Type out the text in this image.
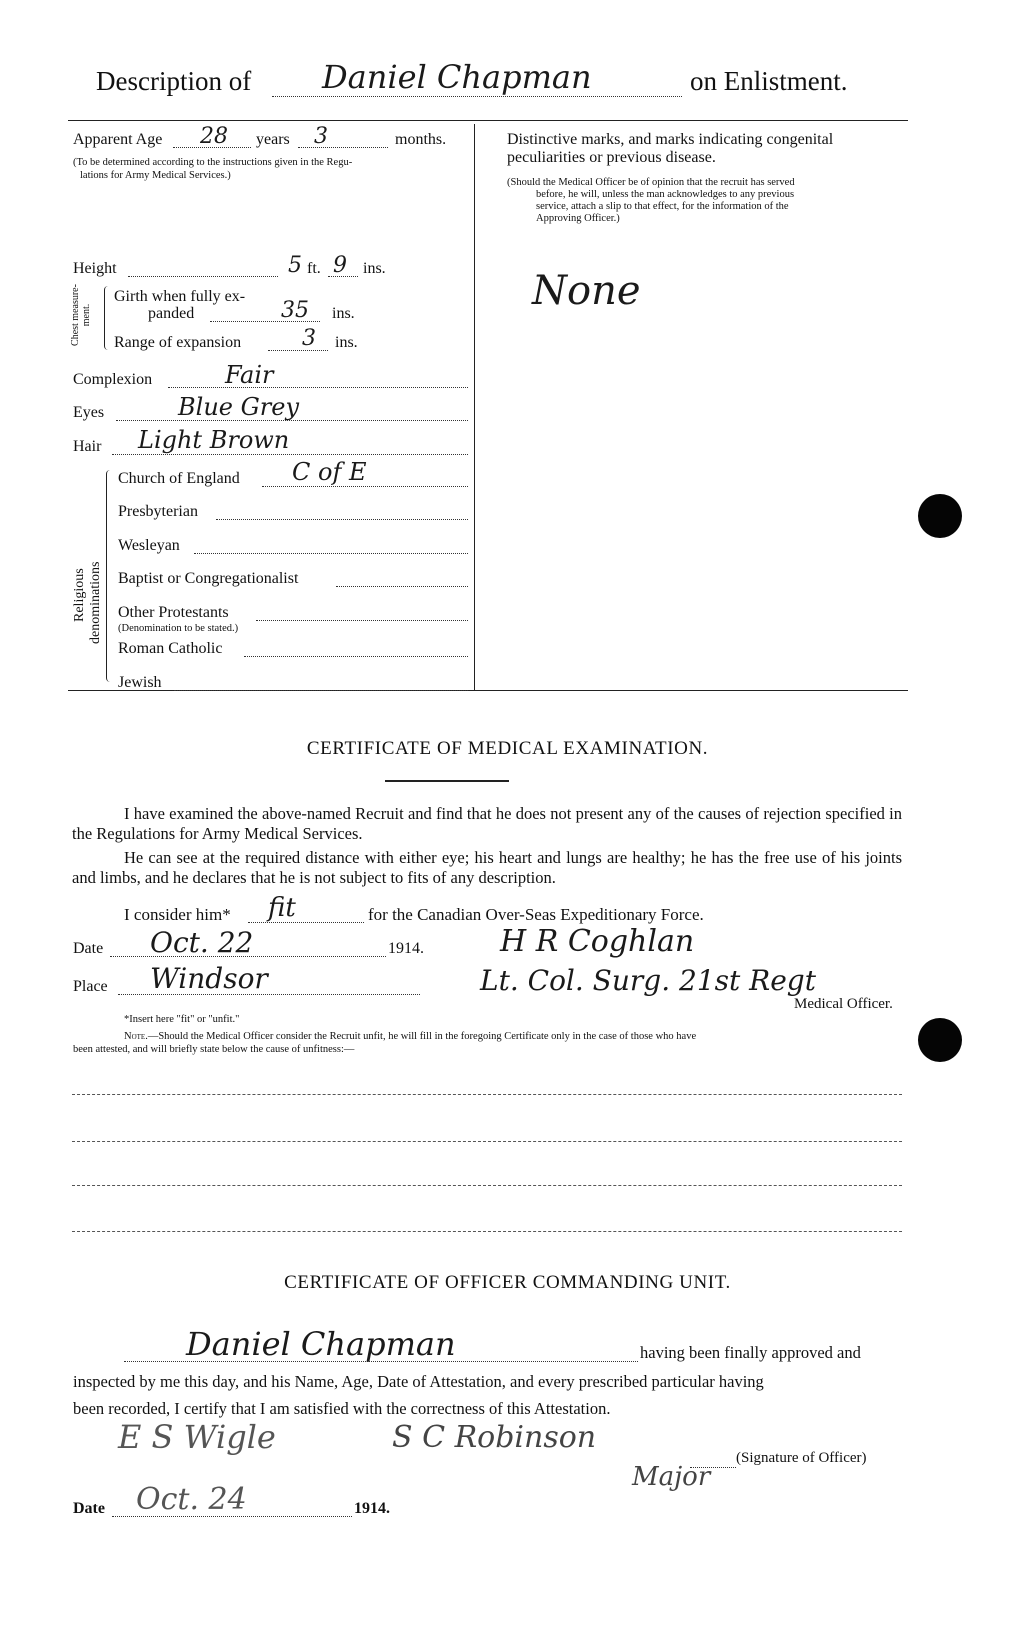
Description of Daniel Chapman	on Enlistment.
Apparent Age 28 years 3	months.
(To be determined according to the instructions given in the Regu-
lations for Army Medical Services.)
Height	5 ft. 9 ins.
Chest measure- ment.
Girth when fully ex-
panded	35 ins.
Range of expansion	3 ins.
Complexion	Fair
Eyes	Blue Grey
Hair Light Brown
Religious denominations
Church of England C of E
Presbyterian
Wesleyan
Baptist or Congregationalist
Other Protestants
(Denomination to be stated.)
Roman Catholic
Jewish
Distinctive marks, and marks indicating congenital
peculiarities or previous disease.
(Should the Medical Officer be of opinion that the recruit has served
before, he will, unless the man acknowledges to any previous
service, attach a slip to that effect, for the information of the
Approving Officer.)
None
CERTIFICATE OF MEDICAL EXAMINATION.
I have examined the above-named Recruit and find that he does not present any of the causes of rejection specified in the Regulations for Army Medical Services.
He can see at the required distance with either eye; his heart and lungs are healthy; he has the free use of his joints and limbs, and he declares that he is not subject to fits of any description.
I consider him* fit	for the Canadian Over-Seas Expeditionary Force.
Date Oct. 22	1914.
Place Windsor
H R Coghlan
Lt. Col. Surg. 21st Regt
Medical Officer.
*Insert here "fit" or "unfit."
Note.—Should the Medical Officer consider the Recruit unfit, he will fill in the foregoing Certificate only in the case of those who have
been attested, and will briefly state below the cause of unfitness:—
CERTIFICATE OF OFFICER COMMANDING UNIT.
Daniel Chapman	having been finally approved and
inspected by me this day, and his Name, Age, Date of Attestation, and every prescribed particular having
been recorded, I certify that I am satisfied with the correctness of this Attestation.
E S Wigle	S C Robinson
Major
(Signature of Officer)
Date Oct. 24	1914.
